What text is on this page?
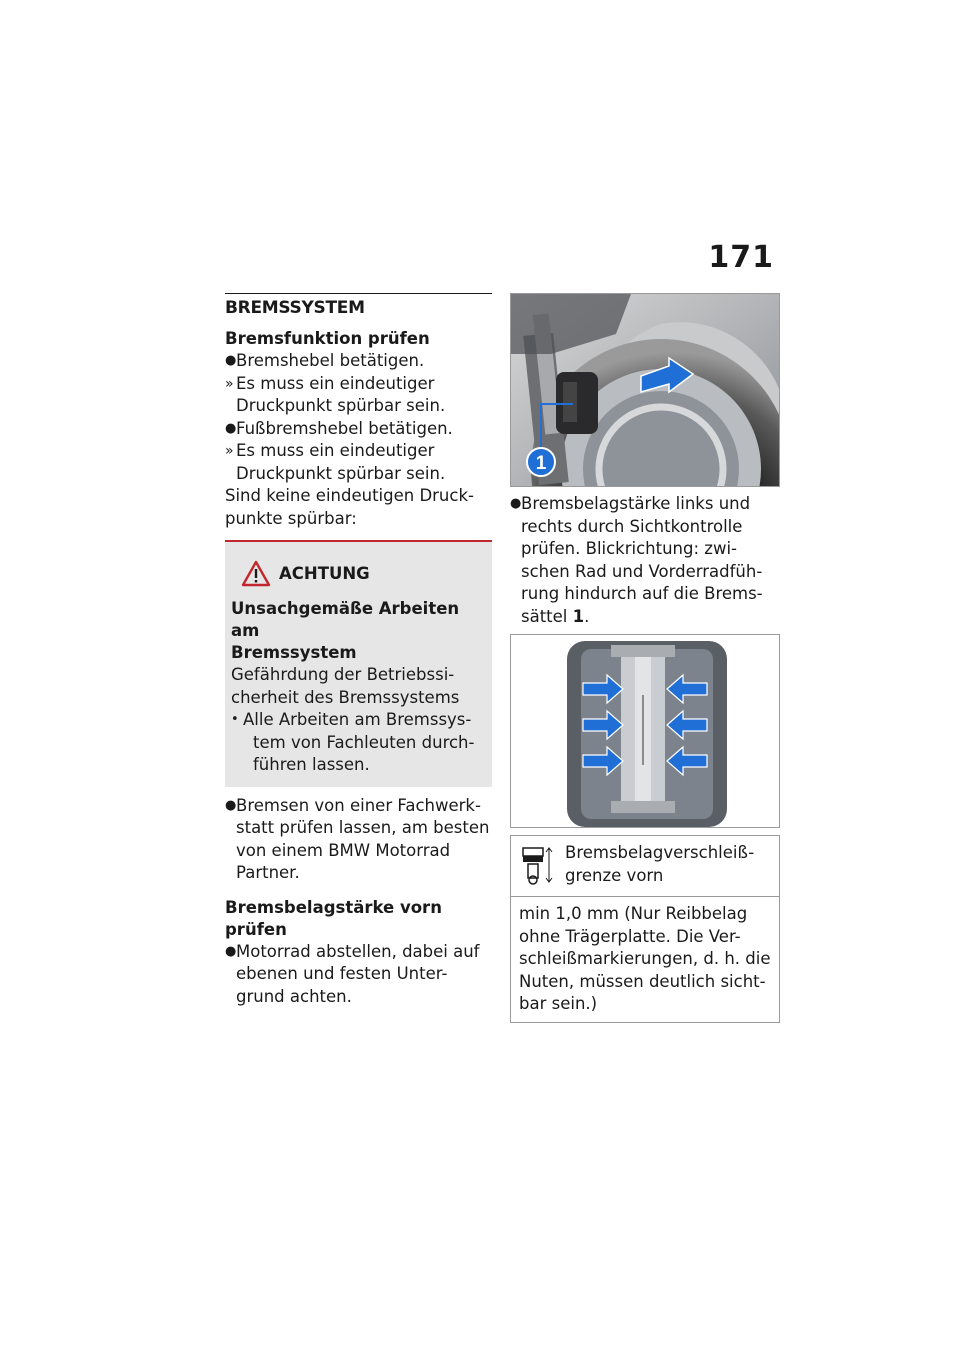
171
BREMSSYSTEM
Bremsfunktion prüfen
● Bremshebel betätigen.
» Es muss ein eindeutiger
Druckpunkt spürbar sein.
● Fußbremshebel betätigen.
» Es muss ein eindeutiger
Druckpunkt spürbar sein.
Sind keine eindeutigen Druck-
punkte spürbar:
ACHTUNG
Unsachgemäße Arbeiten am
Bremssystem
Gefährdung der Betriebssi-
cherheit des Bremssystems
• Alle Arbeiten am Bremssys-
tem von Fachleuten durch-
führen lassen.
● Bremsen von einer Fachwerk-
statt prüfen lassen, am besten
von einem BMW Motorrad
Partner.
Bremsbelagstärke vorn prüfen
● Motorrad abstellen, dabei auf
ebenen und festen Unter-
grund achten.
1
● Bremsbelagstärke links und
rechts durch Sichtkontrolle
prüfen. Blickrichtung: zwi-
schen Rad und Vorderradfüh-
rung hindurch auf die Brems-
sättel 1.
Bremsbelagverschleiß-
grenze vorn
min 1,0 mm (Nur Reibbelag
ohne Trägerplatte. Die Ver-
schleißmarkierungen, d. h. die
Nuten, müssen deutlich sicht-
bar sein.)
